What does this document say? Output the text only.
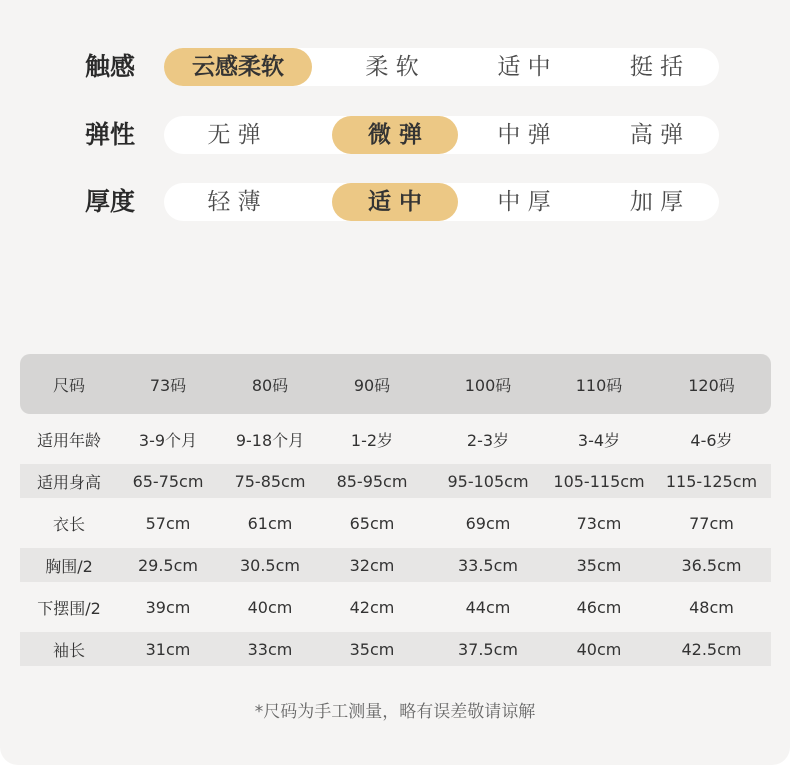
触感	云感柔软	柔 软	适 中	挺 括
弹性	无 弹	微 弹	中 弹	高 弹
厚度	轻 薄	适 中	中 厚	加 厚
尺码	73码	80码	90码	100码	110码	120码
适用年龄	3-9个月	9-18个月	1-2岁	2-3岁	3-4岁	4-6岁
适用身高	65-75cm	75-85cm	85-95cm	95-105cm	105-115cm	115-125cm
衣长	57cm	61cm	65cm	69cm	73cm	77cm
胸围/2	29.5cm	30.5cm	32cm	33.5cm	35cm	36.5cm
下摆围/2	39cm	40cm	42cm	44cm	46cm	48cm
袖长	31cm	33cm	35cm	37.5cm	40cm	42.5cm
*尺码为手工测量，略有误差敬请谅解
